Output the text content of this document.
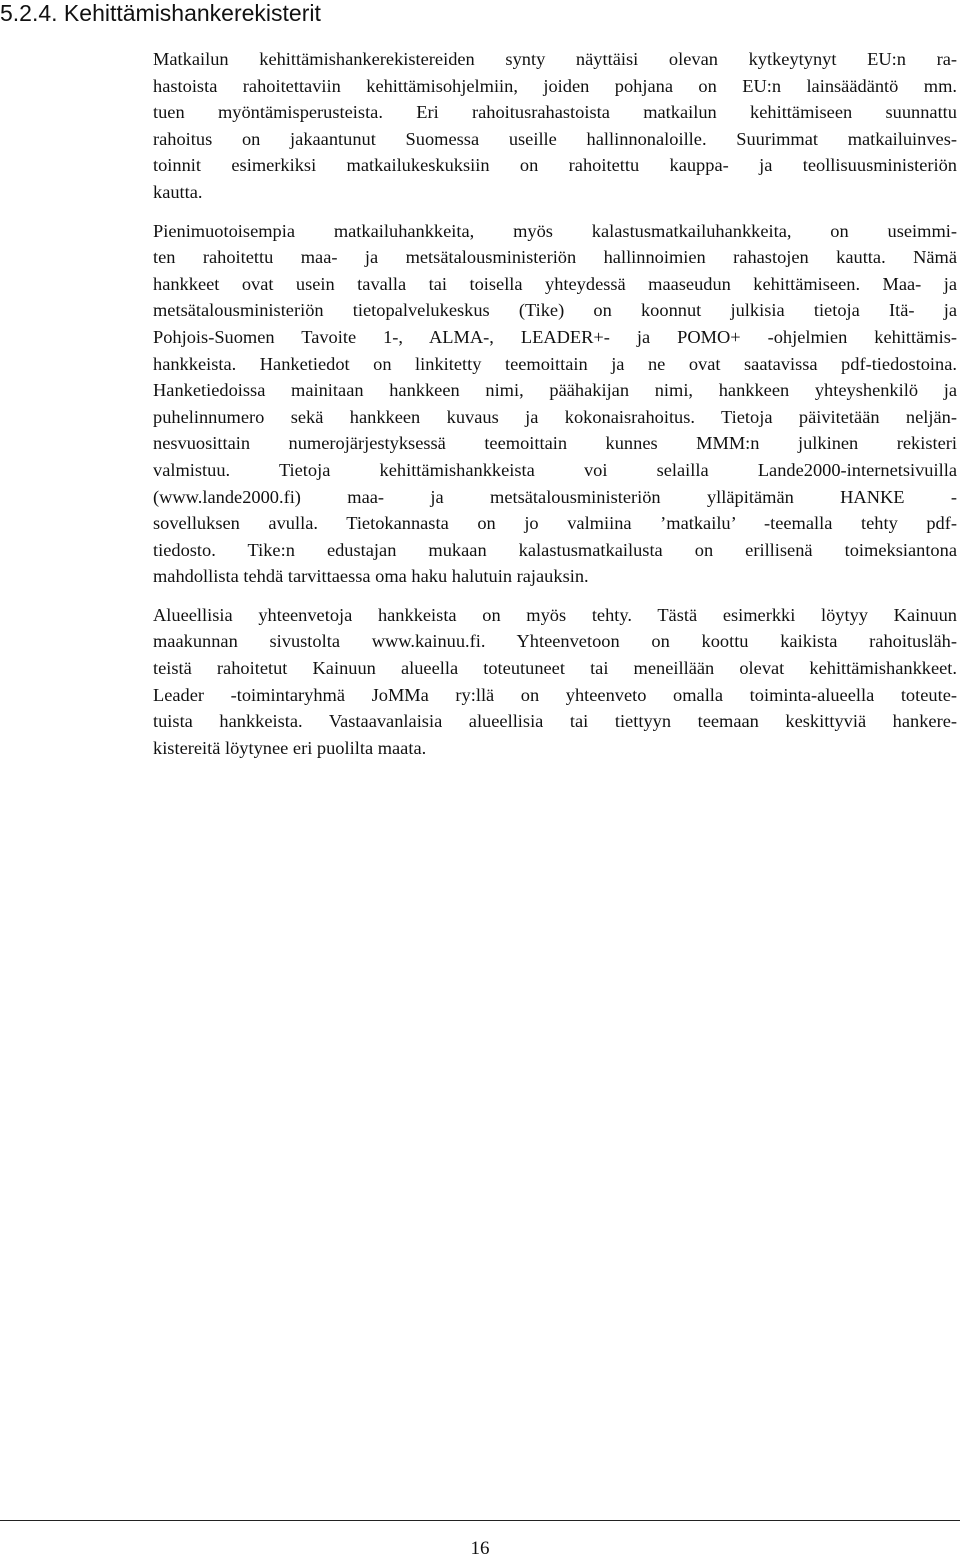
5.2.4. Kehittämishankerekisterit
Matkailun kehittämishankerekistereiden synty näyttäisi olevan kytkeytynyt EU:n ra-
hastoista rahoitettaviin kehittämisohjelmiin, joiden pohjana on EU:n lainsäädäntö mm.
tuen myöntämisperusteista. Eri rahoitusrahastoista matkailun kehittämiseen suunnattu
rahoitus on jakaantunut Suomessa useille hallinnonaloille. Suurimmat matkailuinves-
toinnit esimerkiksi matkailukeskuksiin on rahoitettu kauppa- ja teollisuusministeriön
kautta.
Pienimuotoisempia matkailuhankkeita, myös kalastusmatkailuhankkeita, on useimmi-
ten rahoitettu maa- ja metsätalousministeriön hallinnoimien rahastojen kautta. Nämä
hankkeet ovat usein tavalla tai toisella yhteydessä maaseudun kehittämiseen. Maa- ja
metsätalousministeriön tietopalvelukeskus (Tike) on koonnut julkisia tietoja Itä- ja
Pohjois-Suomen Tavoite 1-, ALMA-, LEADER+- ja POMO+ -ohjelmien kehittämis-
hankkeista. Hanketiedot on linkitetty teemoittain ja ne ovat saatavissa pdf-tiedostoina.
Hanketiedoissa mainitaan hankkeen nimi, päähakijan nimi, hankkeen yhteyshenkilö ja
puhelinnumero sekä hankkeen kuvaus ja kokonaisrahoitus. Tietoja päivitetään neljän-
nesvuosittain numerojärjestyksessä teemoittain kunnes MMM:n julkinen rekisteri
valmistuu. Tietoja kehittämishankkeista voi selailla Lande2000-internetsivuilla
(www.lande2000.fi) maa- ja metsätalousministeriön ylläpitämän HANKE -
sovelluksen avulla. Tietokannasta on jo valmiina ’matkailu’ -teemalla tehty pdf-
tiedosto. Tike:n edustajan mukaan kalastusmatkailusta on erillisenä toimeksiantona
mahdollista tehdä tarvittaessa oma haku halutuin rajauksin.
Alueellisia yhteenvetoja hankkeista on myös tehty. Tästä esimerkki löytyy Kainuun
maakunnan sivustolta www.kainuu.fi. Yhteenvetoon on koottu kaikista rahoitusläh-
teistä rahoitetut Kainuun alueella toteutuneet tai meneillään olevat kehittämishankkeet.
Leader -toimintaryhmä JoMMa ry:llä on yhteenveto omalla toiminta-alueella toteute-
tuista hankkeista. Vastaavanlaisia alueellisia tai tiettyyn teemaan keskittyviä hankere-
kistereitä löytynee eri puolilta maata.
16
